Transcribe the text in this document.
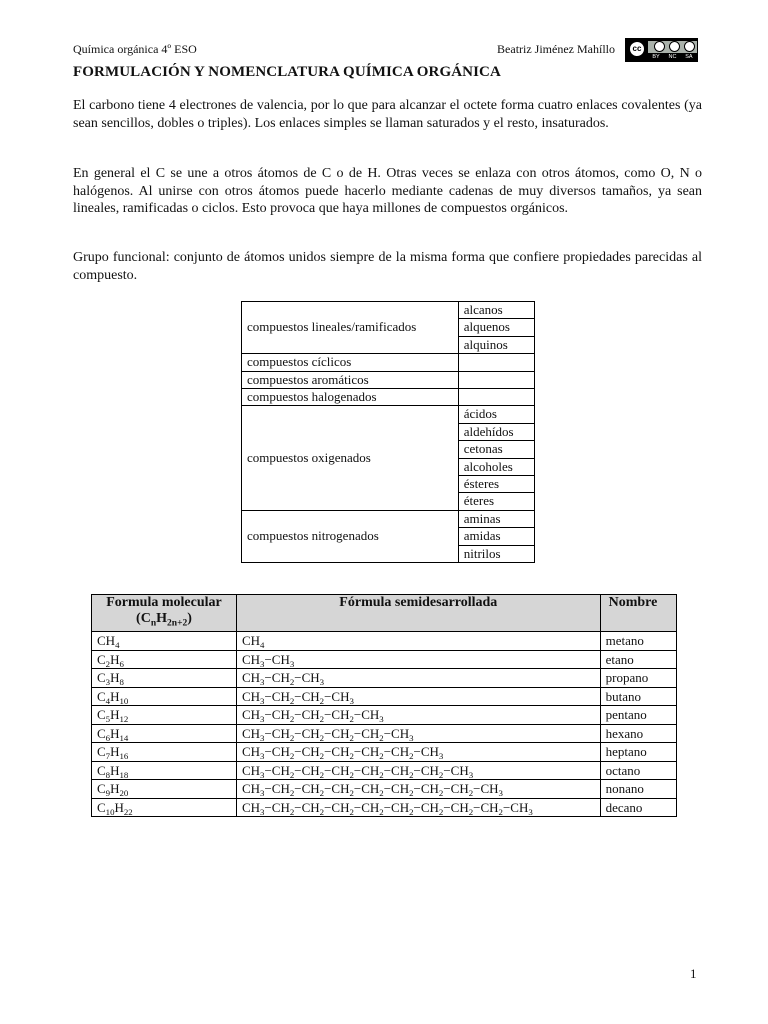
Química orgánica 4º ESO	Beatriz Jiménez Mahíllo	cc
BY NC SA
FORMULACIÓN Y NOMENCLATURA QUÍMICA ORGÁNICA

El carbono tiene 4 electrones de valencia, por lo que para alcanzar el octete forma cuatro enlaces covalentes (ya sean sencillos, dobles o triples). Los enlaces simples se llaman saturados y el resto, insaturados.

En general el C se une a otros átomos de C o de H. Otras veces se enlaza con otros átomos, como O, N o halógenos. Al unirse con otros átomos puede hacerlo mediante cadenas de muy diversos tamaños, ya sean lineales, ramificadas o ciclos. Esto provoca que haya millones de compuestos orgánicos.

Grupo funcional: conjunto de átomos unidos siempre de la misma forma que confiere propiedades parecidas al compuesto.

compuestos lineales/ramificados	alcanos
	alquenos
	alquinos
compuestos cíclicos	
compuestos aromáticos	
compuestos halogenados	
compuestos oxigenados	ácidos
	aldehídos
	cetonas
	alcoholes
	ésteres
	éteres
compuestos nitrogenados	aminas
	amidas
	nitrilos
Formula molecular
$(C_nH_{2n+2})$	Fórmula semidesarrollada	Nombre
$CH_4$	$CH_4$	metano
$C_2H_6$	$CH_3-CH_3$	etano
$C_3H_8$	$CH_3-CH_2-CH_3$	propano
$C_4H_{10}$	$CH_3-CH_2-CH_2-CH_3$	butano
$C_5H_{12}$	$CH_3-CH_2-CH_2-CH_2-CH_3$	pentano
$C_6H_{14}$	$CH_3-CH_2-CH_2-CH_2-CH_2-CH_3$	hexano
$C_7H_{16}$	$CH_3-CH_2-CH_2-CH_2-CH_2-CH_2-CH_3$	heptano
$C_8H_{18}$	$CH_3-CH_2-CH_2-CH_2-CH_2-CH_2-CH_2-CH_3$	octano
$C_9H_{20}$	$CH_3-CH_2-CH_2-CH_2-CH_2-CH_2-CH_2-CH_2-CH_3$	nonano
$C_{10}H_{22}$	$CH_3-CH_2-CH_2-CH_2-CH_2-CH_2-CH_2-CH_2-CH_2-CH_3$	decano
1
